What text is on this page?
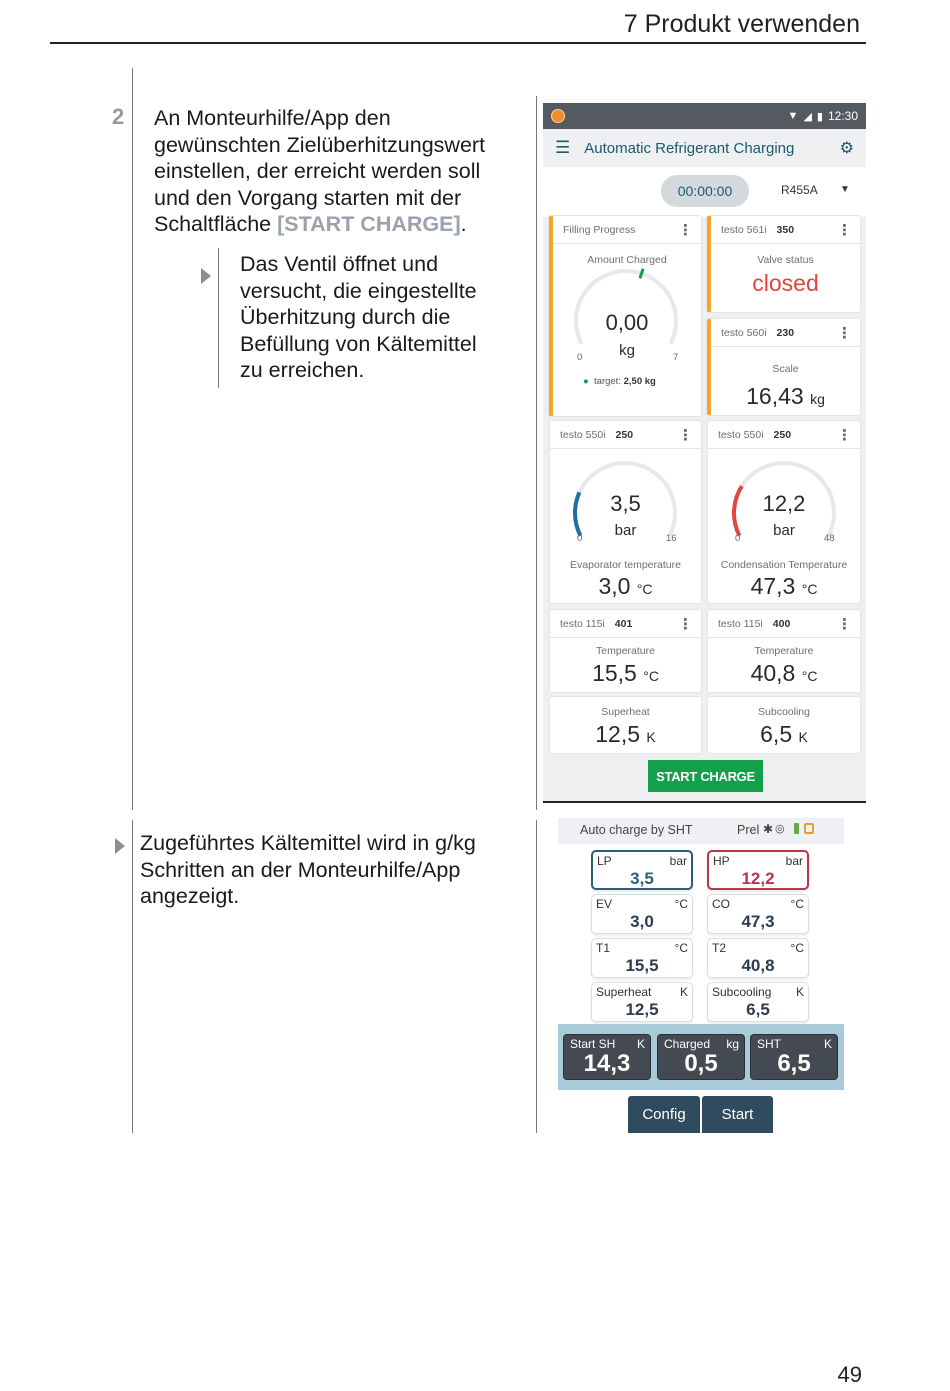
7 Produkt verwenden
2 An Monteurhilfe/App den
gewünschten Zielüberhitzungswert
einstellen, der erreicht werden soll
und den Vorgang starten mit der
Schaltfläche [START CHARGE].
Das Ventil öffnet und
versucht, die eingestellte
Überhitzung durch die
Befüllung von Kältemittel
zu erreichen.
Zugeführtes Kältemittel wird in g/kg
Schritten an der Monteurhilfe/App
angezeigt.
▼ ◢ ▮ 12:30
☰ Automatic Refrigerant Charging	⚙
00:00:00	R455A ▼
Filling Progress	⋮
Amount Charged
0,00
kg
0	7
● target: 2,50 kg
testo 561i 350	⋮
Valve status
closed
testo 560i 230	⋮
Scale
16,43 kg
testo 550i 250	⋮
3,5
bar
0	16
Evaporator temperature
3,0 °C
testo 550i 250	⋮
12,2
bar
0	48
Condensation Temperature
47,3 °C
testo 115i 401	⋮
Temperature
15,5 °C
testo 115i 400	⋮
Temperature
40,8 °C
Superheat
12,5 K
Subcooling
6,5 K
START CHARGE
Auto charge by SHT	Prel ✱ ◎
LP	bar
3,5
HP	bar
12,2
EV	°C
3,0
CO	°C
47,3
T1	°C
15,5
T2	°C
40,8
Superheat K
12,5
Subcooling K
6,5
Start SH K
14,3
Charged kg
0,5
SHT	K
6,5
Config	Start
49
